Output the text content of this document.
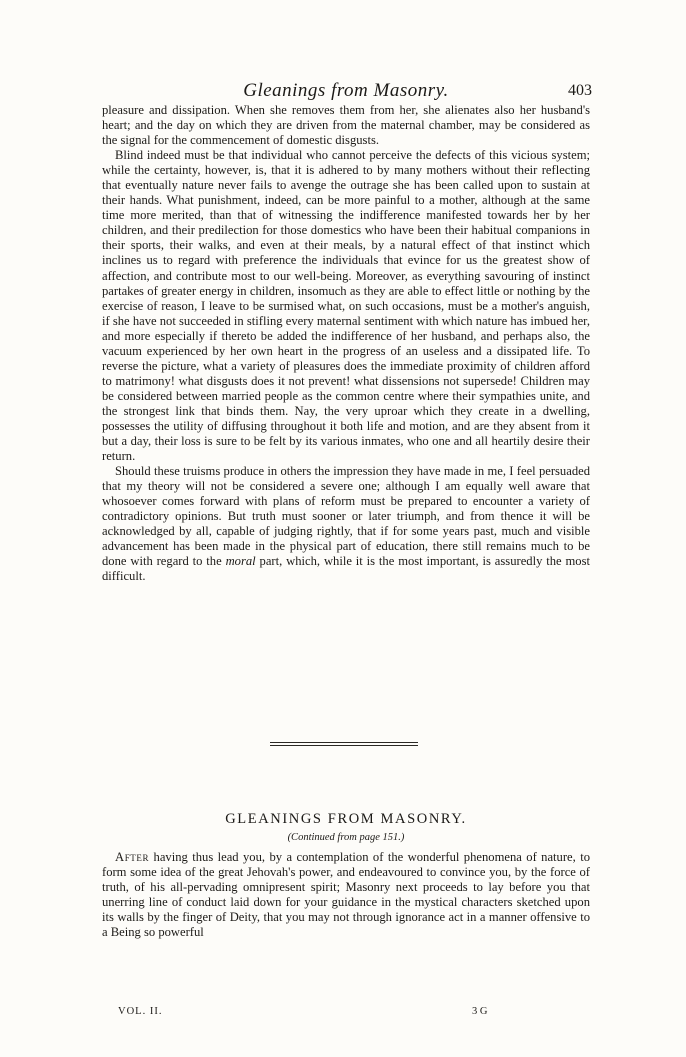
Gleanings from Masonry.	403

pleasure and dissipation. When she removes them from her, she alienates also her husband's heart; and the day on which they are driven from the maternal chamber, may be considered as the signal for the commencement of domestic disgusts.

Blind indeed must be that individual who cannot perceive the defects of this vicious system; while the certainty, however, is, that it is adhered to by many mothers without their reflecting that eventually nature never fails to avenge the outrage she has been called upon to sustain at their hands. What punishment, indeed, can be more painful to a mother, although at the same time more merited, than that of witnessing the indifference manifested towards her by her children, and their predilection for those domestics who have been their habitual companions in their sports, their walks, and even at their meals, by a natural effect of that instinct which inclines us to regard with preference the individuals that evince for us the greatest show of affection, and contribute most to our well-being. Moreover, as everything savouring of instinct partakes of greater energy in children, insomuch as they are able to effect little or nothing by the exercise of reason, I leave to be surmised what, on such occasions, must be a mother's anguish, if she have not succeeded in stifling every maternal sentiment with which nature has imbued her, and more especially if thereto be added the indifference of her husband, and perhaps also, the vacuum experienced by her own heart in the progress of an useless and a dissipated life. To reverse the picture, what a variety of pleasures does the immediate proximity of children afford to matrimony! what disgusts does it not prevent! what dissensions not supersede! Children may be considered between married people as the common centre where their sympathies unite, and the strongest link that binds them. Nay, the very uproar which they create in a dwelling, possesses the utility of diffusing throughout it both life and motion, and are they absent from it but a day, their loss is sure to be felt by its various inmates, who one and all heartily desire their return.

Should these truisms produce in others the impression they have made in me, I feel persuaded that my theory will not be considered a severe one; although I am equally well aware that whosoever comes forward with plans of reform must be prepared to encounter a variety of contradictory opinions. But truth must sooner or later triumph, and from thence it will be acknowledged by all, capable of judging rightly, that if for some years past, much and visible advancement has been made in the physical part of education, there still remains much to be done with regard to the moral part, which, while it is the most important, is assuredly the most difficult.

GLEANINGS FROM MASONRY.
(Continued from page 151.)

After having thus lead you, by a contemplation of the wonderful phenomena of nature, to form some idea of the great Jehovah's power, and endeavoured to convince you, by the force of truth, of his all-pervading omnipresent spirit; Masonry next proceeds to lay before you that unerring line of conduct laid down for your guidance in the mystical characters sketched upon its walls by the finger of Deity, that you may not through ignorance act in a manner offensive to a Being so powerful

VOL. II.	3 G
